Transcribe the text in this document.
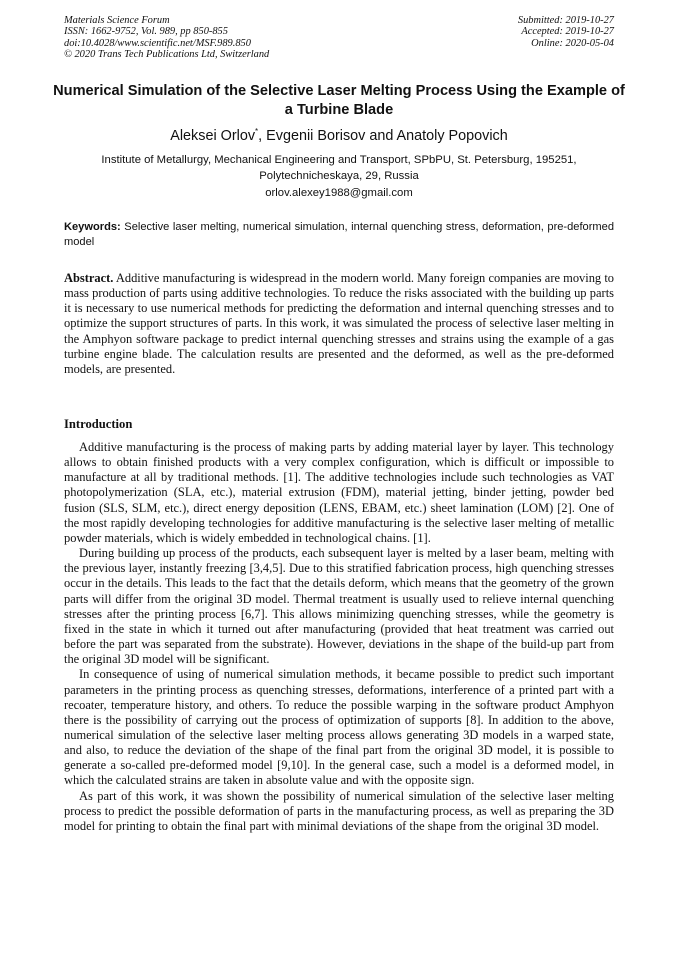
Materials Science Forum
ISSN: 1662-9752, Vol. 989, pp 850-855
doi:10.4028/www.scientific.net/MSF.989.850
© 2020 Trans Tech Publications Ltd, Switzerland
Submitted: 2019-10-27
Accepted: 2019-10-27
Online: 2020-05-04
Numerical Simulation of the Selective Laser Melting Process Using the Example of a Turbine Blade
Aleksei Orlov*, Evgenii Borisov and Anatoly Popovich
Institute of Metallurgy, Mechanical Engineering and Transport, SPbPU, St. Petersburg, 195251, Polytechnicheskaya, 29, Russia
orlov.alexey1988@gmail.com
Keywords: Selective laser melting, numerical simulation, internal quenching stress, deformation, pre-deformed model
Abstract. Additive manufacturing is widespread in the modern world. Many foreign companies are moving to mass production of parts using additive technologies. To reduce the risks associated with the building up parts it is necessary to use numerical methods for predicting the deformation and internal quenching stresses and to optimize the support structures of parts. In this work, it was simulated the process of selective laser melting in the Amphyon software package to predict internal quenching stresses and strains using the example of a gas turbine engine blade. The calculation results are presented and the deformed, as well as the pre-deformed models, are presented.
Introduction

Additive manufacturing is the process of making parts by adding material layer by layer. This technology allows to obtain finished products with a very complex configuration, which is difficult or impossible to manufacture at all by traditional methods. [1]. The additive technologies include such technologies as VAT photopolymerization (SLA, etc.), material extrusion (FDM), material jetting, binder jetting, powder bed fusion (SLS, SLM, etc.), direct energy deposition (LENS, EBAM, etc.) sheet lamination (LOM) [2]. One of the most rapidly developing technologies for additive manufacturing is the selective laser melting of metallic powder materials, which is widely embedded in technological chains. [1].

During building up process of the products, each subsequent layer is melted by a laser beam, melting with the previous layer, instantly freezing [3,4,5]. Due to this stratified fabrication process, high quenching stresses occur in the details. This leads to the fact that the details deform, which means that the geometry of the grown parts will differ from the original 3D model. Thermal treatment is usually used to relieve internal quenching stresses after the printing process [6,7]. This allows minimizing quenching stresses, while the geometry is fixed in the state in which it turned out after manufacturing (provided that heat treatment was carried out before the part was separated from the substrate). However, deviations in the shape of the build-up part from the original 3D model will be significant.

In consequence of using of numerical simulation methods, it became possible to predict such important parameters in the printing process as quenching stresses, deformations, interference of a printed part with a recoater, temperature history, and others. To reduce the possible warping in the software product Amphyon there is the possibility of carrying out the process of optimization of supports [8]. In addition to the above, numerical simulation of the selective laser melting process allows generating 3D models in a warped state, and also, to reduce the deviation of the shape of the final part from the original 3D model, it is possible to generate a so-called pre-deformed model [9,10]. In the general case, such a model is a deformed model, in which the calculated strains are taken in absolute value and with the opposite sign.

As part of this work, it was shown the possibility of numerical simulation of the selective laser melting process to predict the possible deformation of parts in the manufacturing process, as well as preparing the 3D model for printing to obtain the final part with minimal deviations of the shape from the original 3D model.
